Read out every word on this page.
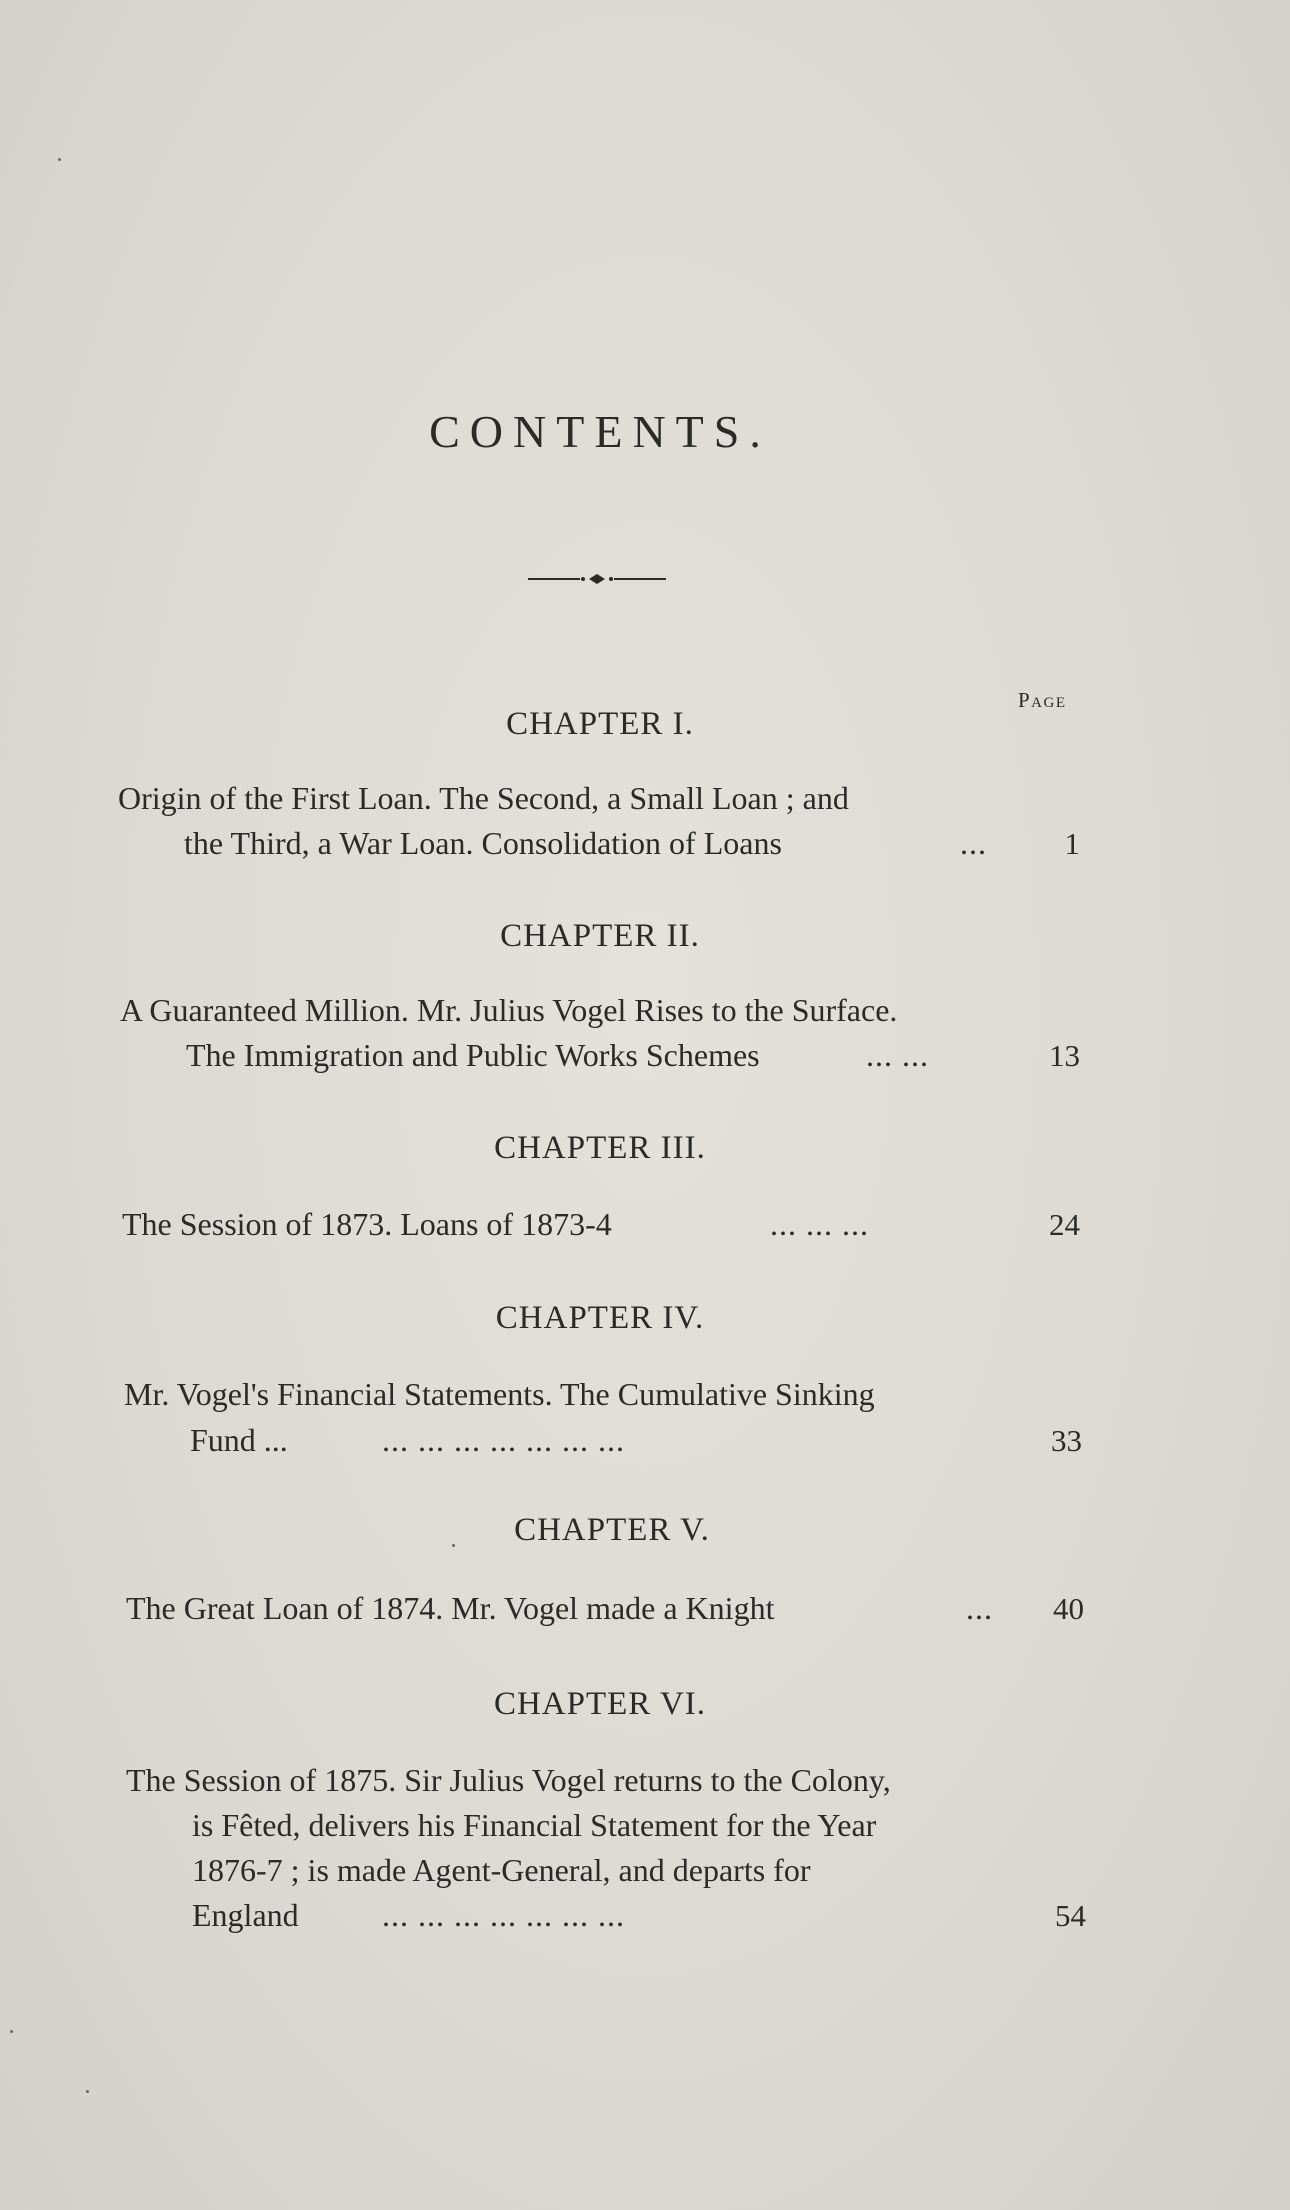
CONTENTS.
Page
CHAPTER I.
Origin of the First Loan. The Second, a Small Loan ; and
the Third, a War Loan. Consolidation of Loans	...	1
CHAPTER II.
A Guaranteed Million. Mr. Julius Vogel Rises to the Surface.
The Immigration and Public Works Schemes	... ...	13
CHAPTER III.
The Session of 1873. Loans of 1873-4	... ... ...	24
CHAPTER IV.
Mr. Vogel's Financial Statements. The Cumulative Sinking
Fund ...	... ... ... ... ... ... ...	33
CHAPTER V.
The Great Loan of 1874. Mr. Vogel made a Knight	...	40
CHAPTER VI.
The Session of 1875. Sir Julius Vogel returns to the Colony,
is Fêted, delivers his Financial Statement for the Year
1876-7 ; is made Agent-General, and departs for
England	... ... ... ... ... ... ...	54
